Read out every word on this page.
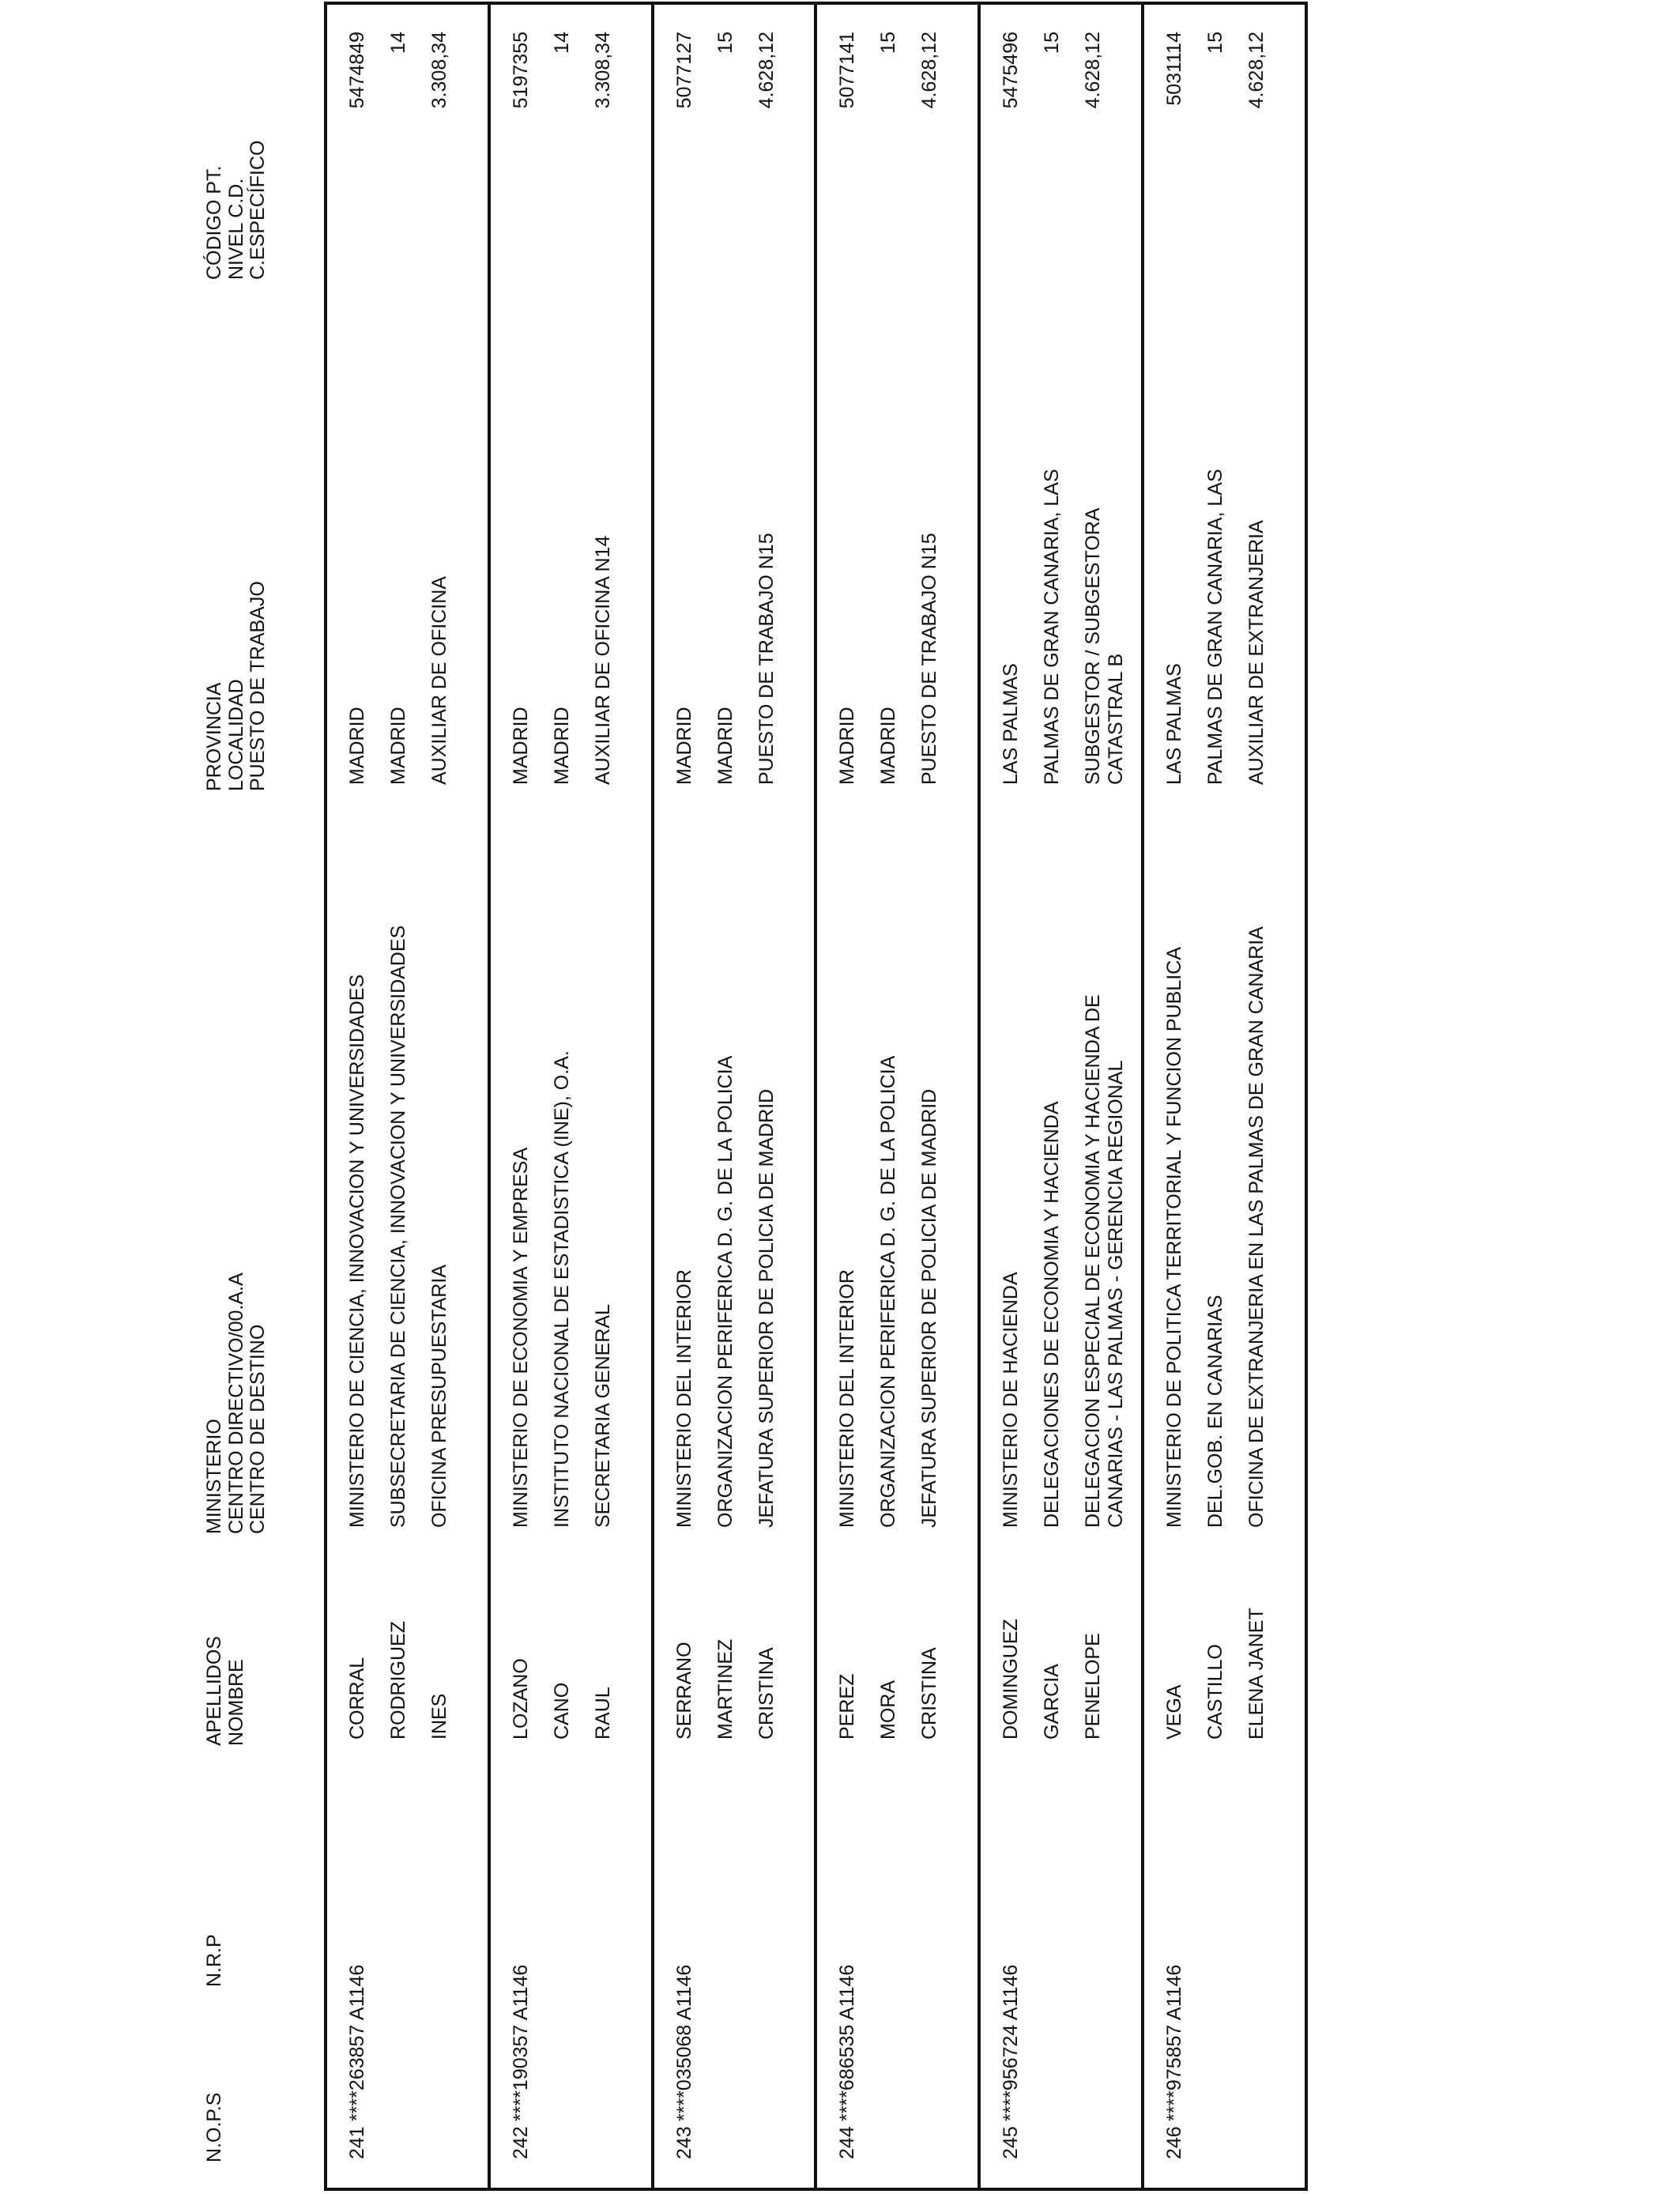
N.O.P.S
N.R.P
APELLIDOS NOMBRE
MINISTERIO CENTRO DIRECTIVO/00.A.A CENTRO DE DESTINO
PROVINCIA LOCALIDAD PUESTO DE TRABAJO
CÓDIGO PT. NIVEL C.D. C.ESPECÍFICO
241
****263857 A1146
CORRAL RODRIGUEZ INES
MINISTERIO DE CIENCIA, INNOVACION Y UNIVERSIDADES SUBSECRETARIA DE CIENCIA, INNOVACION Y UNIVERSIDADES OFICINA PRESUPUESTARIA
MADRID MADRID AUXILIAR DE OFICINA
5474849 14 3.308,34
242
****190357 A1146
LOZANO CANO RAUL
MINISTERIO DE ECONOMIA Y EMPRESA INSTITUTO NACIONAL DE ESTADISTICA (INE), O.A. SECRETARIA GENERAL
MADRID MADRID AUXILIAR DE OFICINA N14
5197355 14 3.308,34
243
****035068 A1146
SERRANO MARTINEZ CRISTINA
MINISTERIO DEL INTERIOR ORGANIZACION PERIFERICA D. G. DE LA POLICIA JEFATURA SUPERIOR DE POLICIA DE MADRID
MADRID MADRID PUESTO DE TRABAJO N15
5077127 15 4.628,12
244
****686535 A1146
PEREZ MORA CRISTINA
MINISTERIO DEL INTERIOR ORGANIZACION PERIFERICA D. G. DE LA POLICIA JEFATURA SUPERIOR DE POLICIA DE MADRID
MADRID MADRID PUESTO DE TRABAJO N15
5077141 15 4.628,12
245
****956724 A1146
DOMINGUEZ GARCIA PENELOPE
MINISTERIO DE HACIENDA DELEGACIONES DE ECONOMIA Y HACIENDA DELEGACION ESPECIAL DE ECONOMIA Y HACIENDA DE CANARIAS - LAS PALMAS - GERENCIA REGIONAL
LAS PALMAS PALMAS DE GRAN CANARIA, LAS SUBGESTOR / SUBGESTORA CATASTRAL B
5475496 15 4.628,12
246
****975857 A1146
VEGA CASTILLO ELENA JANET
MINISTERIO DE POLITICA TERRITORIAL Y FUNCION PUBLICA DEL.GOB. EN CANARIAS OFICINA DE EXTRANJERIA EN LAS PALMAS DE GRAN CANARIA
LAS PALMAS PALMAS DE GRAN CANARIA, LAS AUXILIAR DE EXTRANJERIA
5031114 15 4.628,12
